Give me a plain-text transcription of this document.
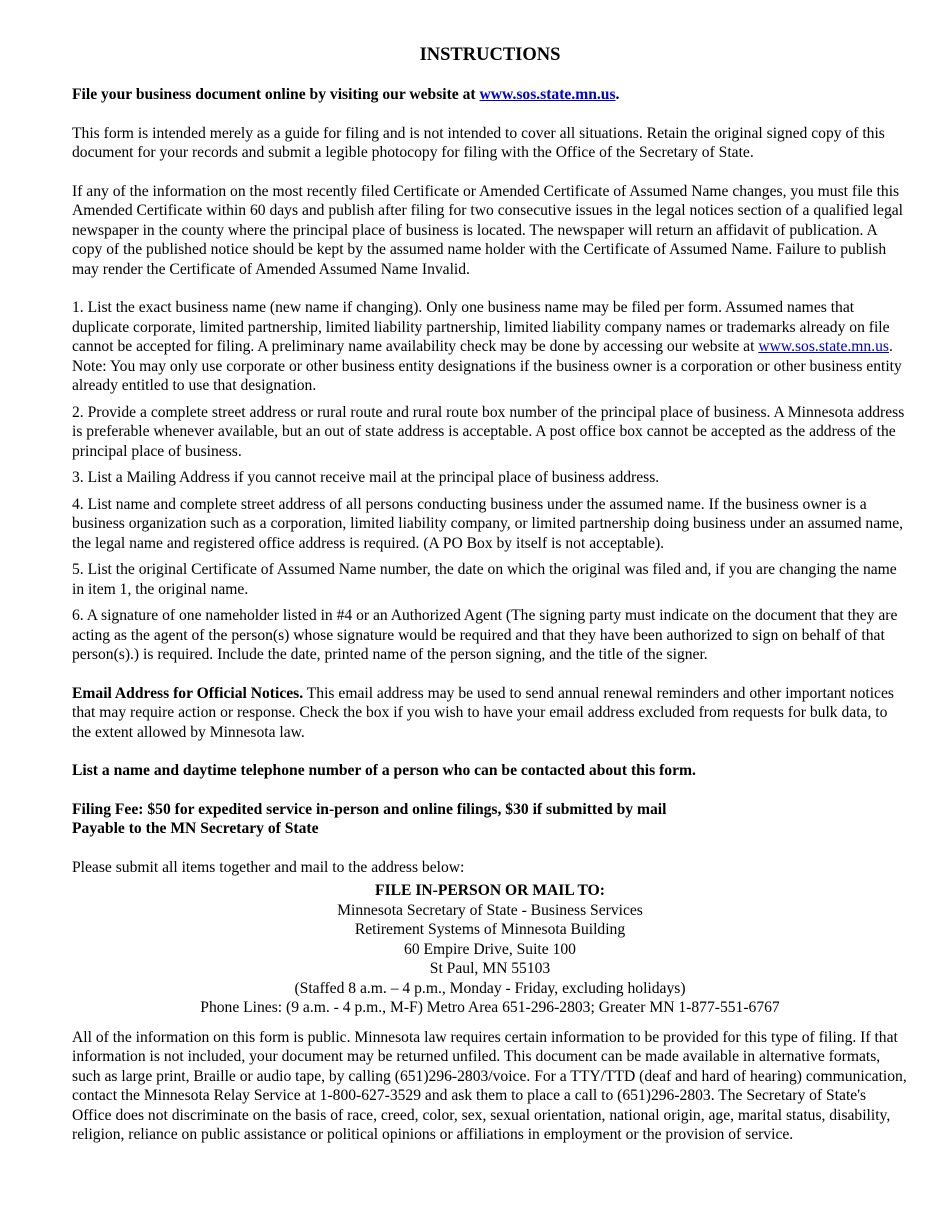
INSTRUCTIONS

File your business document online by visiting our website at www.sos.state.mn.us.

This form is intended merely as a guide for filing and is not intended to cover all situations. Retain the original signed copy of this document for your records and submit a legible photocopy for filing with the Office of the Secretary of State.

If any of the information on the most recently filed Certificate or Amended Certificate of Assumed Name changes, you must file this Amended Certificate within 60 days and publish after filing for two consecutive issues in the legal notices section of a qualified legal newspaper in the county where the principal place of business is located. The newspaper will return an affidavit of publication. A copy of the published notice should be kept by the assumed name holder with the Certificate of Assumed Name. Failure to publish may render the Certificate of Amended Assumed Name Invalid.

1. List the exact business name (new name if changing). Only one business name may be filed per form. Assumed names that duplicate corporate, limited partnership, limited liability partnership, limited liability company names or trademarks already on file cannot be accepted for filing. A preliminary name availability check may be done by accessing our website at www.sos.state.mn.us. Note: You may only use corporate or other business entity designations if the business owner is a corporation or other business entity already entitled to use that designation.

2. Provide a complete street address or rural route and rural route box number of the principal place of business. A Minnesota address is preferable whenever available, but an out of state address is acceptable. A post office box cannot be accepted as the address of the principal place of business.

3. List a Mailing Address if you cannot receive mail at the principal place of business address.

4. List name and complete street address of all persons conducting business under the assumed name. If the business owner is a business organization such as a corporation, limited liability company, or limited partnership doing business under an assumed name, the legal name and registered office address is required. (A PO Box by itself is not acceptable).

5. List the original Certificate of Assumed Name number, the date on which the original was filed and, if you are changing the name in item 1, the original name.

6. A signature of one nameholder listed in #4 or an Authorized Agent (The signing party must indicate on the document that they are acting as the agent of the person(s) whose signature would be required and that they have been authorized to sign on behalf of that person(s).) is required. Include the date, printed name of the person signing, and the title of the signer.

Email Address for Official Notices. This email address may be used to send annual renewal reminders and other important notices that may require action or response. Check the box if you wish to have your email address excluded from requests for bulk data, to the extent allowed by Minnesota law.

List a name and daytime telephone number of a person who can be contacted about this form.

Filing Fee: $50 for expedited service in-person and online filings, $30 if submitted by mail
Payable to the MN Secretary of State

Please submit all items together and mail to the address below:

FILE IN-PERSON OR MAIL TO:
Minnesota Secretary of State - Business Services
Retirement Systems of Minnesota Building
60 Empire Drive, Suite 100
St Paul, MN 55103
(Staffed 8 a.m. – 4 p.m., Monday - Friday, excluding holidays)
Phone Lines: (9 a.m. - 4 p.m., M-F) Metro Area 651-296-2803; Greater MN 1-877-551-6767

All of the information on this form is public. Minnesota law requires certain information to be provided for this type of filing. If that information is not included, your document may be returned unfiled. This document can be made available in alternative formats, such as large print, Braille or audio tape, by calling (651)296-2803/voice. For a TTY/TTD (deaf and hard of hearing) communication, contact the Minnesota Relay Service at 1-800-627-3529 and ask them to place a call to (651)296-2803. The Secretary of State's Office does not discriminate on the basis of race, creed, color, sex, sexual orientation, national origin, age, marital status, disability, religion, reliance on public assistance or political opinions or affiliations in employment or the provision of service.
